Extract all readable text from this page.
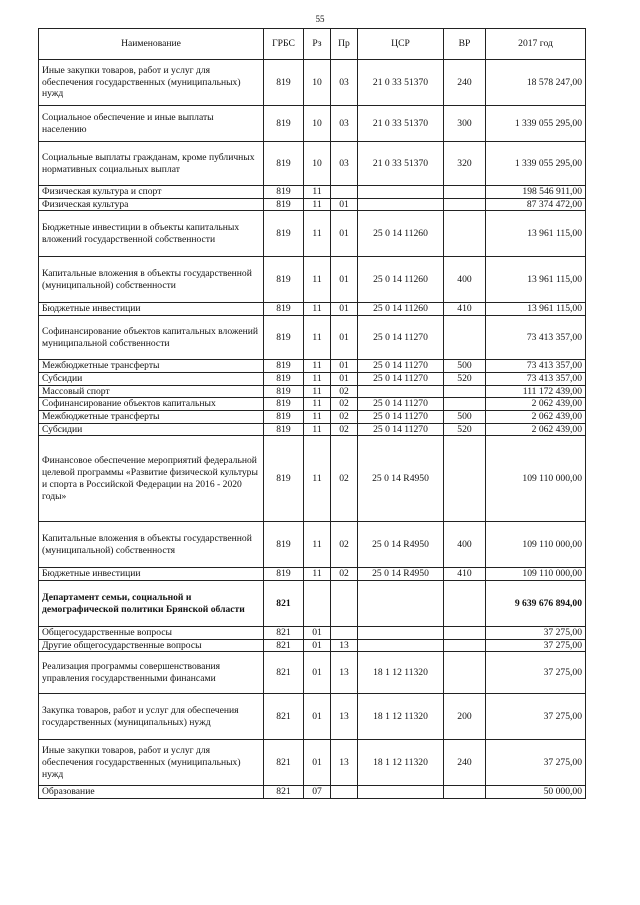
55
Наименование	ГРБС	Рз	Пр	ЦСР	ВР	2017 год
Иные закупки товаров, работ и услуг для обеспечения государственных (муниципальных) нужд	819	10	03	21 0 33 51370	240	18 578 247,00
Социальное обеспечение и иные выплаты населению	819	10	03	21 0 33 51370	300	1 339 055 295,00
Социальные выплаты гражданам, кроме публичных нормативных социальных выплат	819	10	03	21 0 33 51370	320	1 339 055 295,00
Физическая культура и спорт	819	11				198 546 911,00
Физическая культура	819	11	01			87 374 472,00
Бюджетные инвестиции в объекты капитальных вложений государственной собственности	819	11	01	25 0 14 11260		13 961 115,00
Капитальные вложения в объекты государственной (муниципальной) собственности	819	11	01	25 0 14 11260	400	13 961 115,00
Бюджетные инвестиции	819	11	01	25 0 14 11260	410	13 961 115,00
Софинансирование объектов капитальных вложений муниципальной собственности	819	11	01	25 0 14 11270		73 413 357,00
Межбюджетные трансферты	819	11	01	25 0 14 11270	500	73 413 357,00
Субсидии	819	11	01	25 0 14 11270	520	73 413 357,00
Массовый спорт	819	11	02			111 172 439,00
Софинансирование объектов капитальных	819	11	02	25 0 14 11270		2 062 439,00
Межбюджетные трансферты	819	11	02	25 0 14 11270	500	2 062 439,00
Субсидии	819	11	02	25 0 14 11270	520	2 062 439,00
Финансовое обеспечение мероприятий федеральной целевой программы «Развитие физической культуры и спорта в Российской Федерации на 2016 - 2020 годы»	819	11	02	25 0 14 R4950		109 110 000,00
Капитальные вложения в объекты государственной (муниципальной) собственностя	819	11	02	25 0 14 R4950	400	109 110 000,00
Бюджетные инвестиции	819	11	02	25 0 14 R4950	410	109 110 000,00
Департамент семьи, социальной и демографической политики Брянской области	821					9 639 676 894,00
Общегосударственные вопросы	821	01				37 275,00
Другие общегосударственные вопросы	821	01	13			37 275,00
Реализация программы совершенствования управления государственными финансами	821	01	13	18 1 12 11320		37 275,00
Закупка товаров, работ и услуг для обеспечения государственных (муниципальных) нужд	821	01	13	18 1 12 11320	200	37 275,00
Иные закупки товаров, работ и услуг для обеспечения государственных (муниципальных) нужд	821	01	13	18 1 12 11320	240	37 275,00
Образование	821	07				50 000,00
